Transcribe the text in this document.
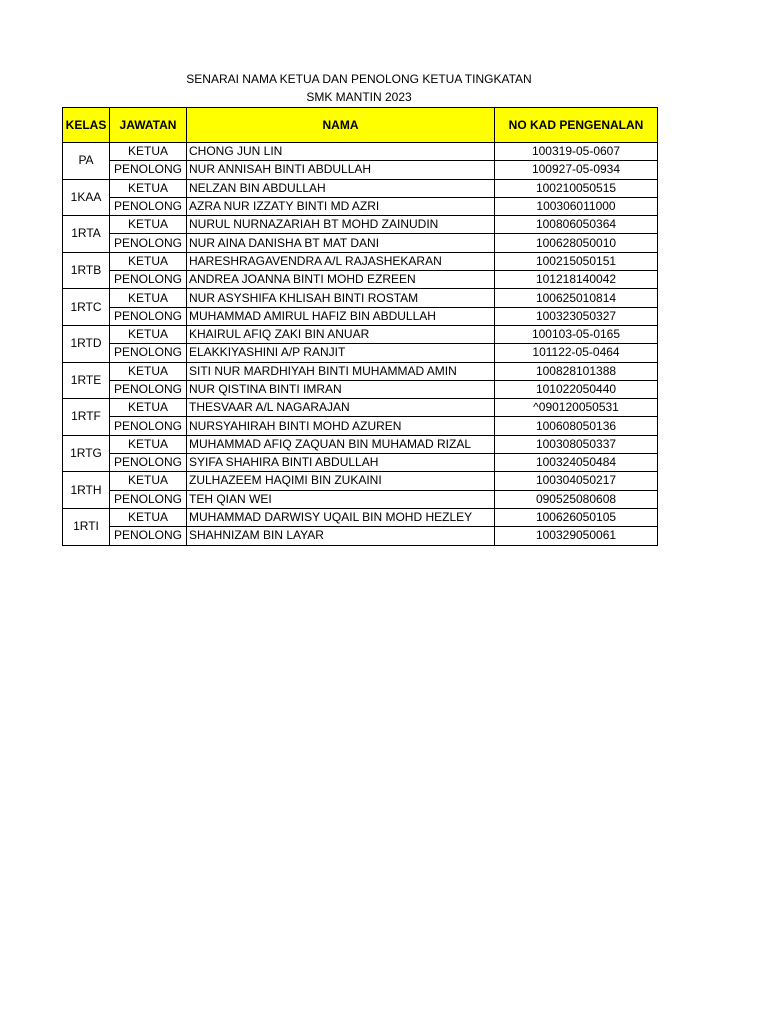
SENARAI NAMA KETUA DAN PENOLONG KETUA TINGKATAN
SMK MANTIN 2023
KELAS	JAWATAN	NAMA	NO KAD PENGENALAN
PA	KETUA	CHONG JUN LIN	100319-05-0607
	PENOLONG	NUR ANNISAH BINTI ABDULLAH	100927-05-0934
1KAA	KETUA	NELZAN BIN ABDULLAH	100210050515
	PENOLONG	AZRA NUR IZZATY BINTI MD AZRI	100306011000
1RTA	KETUA	NURUL NURNAZARIAH BT MOHD ZAINUDIN	100806050364
	PENOLONG	NUR AINA DANISHA BT MAT DANI	100628050010
1RTB	KETUA	HARESHRAGAVENDRA A/L RAJASHEKARAN	100215050151
	PENOLONG	ANDREA JOANNA BINTI MOHD EZREEN	101218140042
1RTC	KETUA	NUR ASYSHIFA KHLISAH BINTI ROSTAM	100625010814
	PENOLONG	MUHAMMAD AMIRUL HAFIZ BIN ABDULLAH	100323050327
1RTD	KETUA	KHAIRUL AFIQ ZAKI BIN ANUAR	100103-05-0165
	PENOLONG	ELAKKIYASHINI A/P RANJIT	101122-05-0464
1RTE	KETUA	SITI NUR MARDHIYAH BINTI MUHAMMAD AMIN	100828101388
	PENOLONG	NUR QISTINA BINTI IMRAN	101022050440
1RTF	KETUA	THESVAAR A/L NAGARAJAN	^090120050531
	PENOLONG	NURSYAHIRAH BINTI MOHD AZUREN	100608050136
1RTG	KETUA	MUHAMMAD AFIQ ZAQUAN BIN MUHAMAD RIZAL	100308050337
	PENOLONG	SYIFA SHAHIRA BINTI ABDULLAH	100324050484
1RTH	KETUA	ZULHAZEEM HAQIMI BIN ZUKAINI	100304050217
	PENOLONG	TEH QIAN WEI	090525080608
1RTI	KETUA	MUHAMMAD DARWISY UQAIL BIN MOHD HEZLEY	100626050105
	PENOLONG	SHAHNIZAM BIN LAYAR	100329050061
